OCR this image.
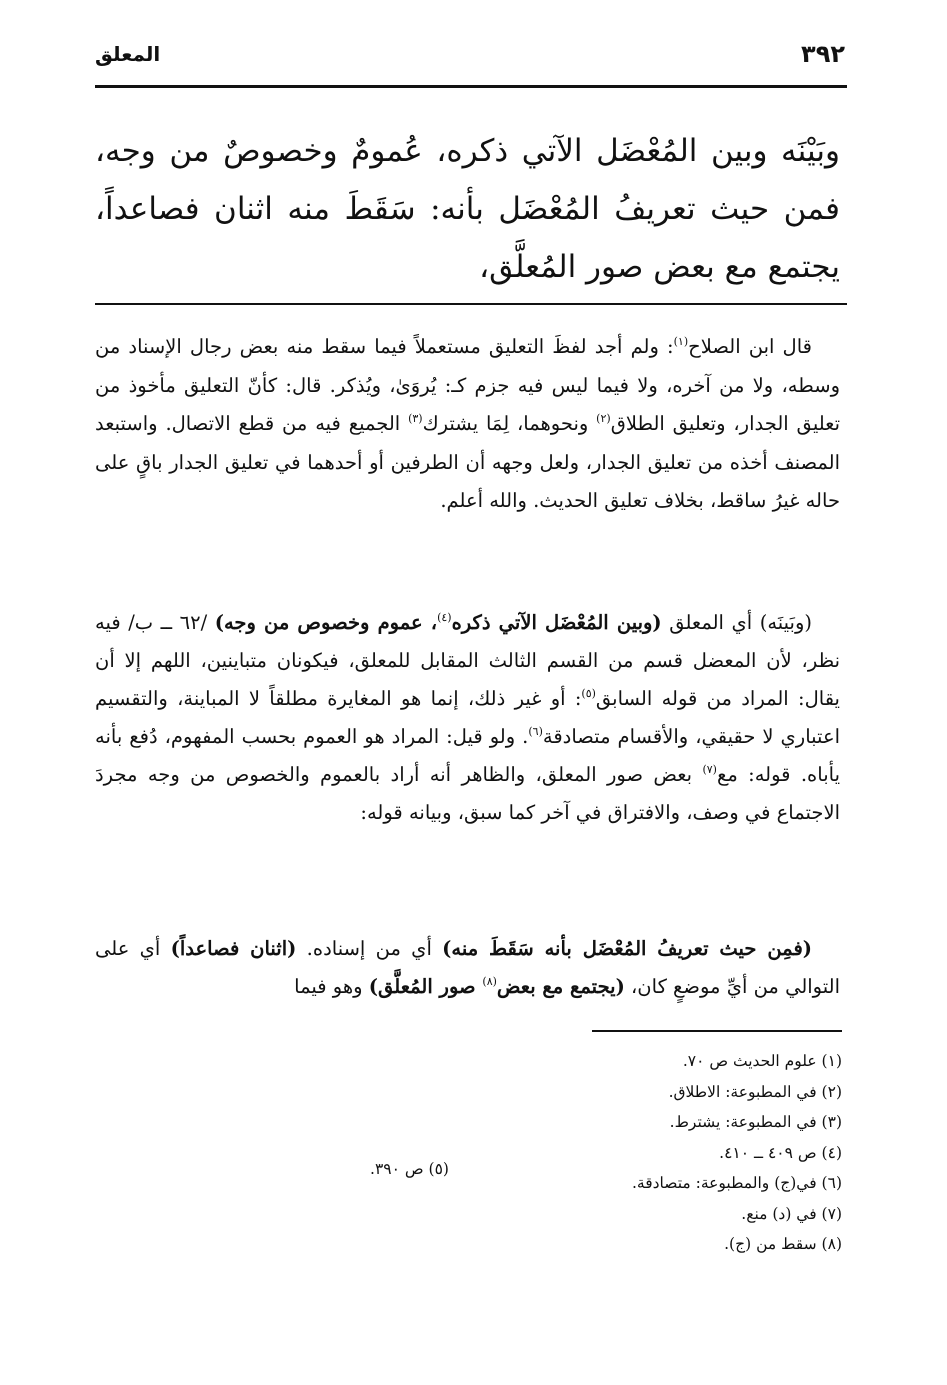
٣٩٢
المعلق
وبَيْنَه وبين المُعْضَل الآتي ذكره، عُمومٌ وخصوصٌ من وجه، فمن حيث تعريفُ المُعْضَل بأنه: سَقَطَ منه اثنان فصاعداً، يجتمع مع بعض صور المُعلَّق،

قال ابن الصلاح$^{(١)}$: ولم أجد لفظَ التعليق مستعملاً فيما سقط منه بعض رجال الإسناد من وسطه، ولا من آخره، ولا فيما ليس فيه جزم كـ: يُروَىٰ، ويُذكر. قال: كأنّ التعليق مأخوذ من تعليق الجدار، وتعليق الطلاق$^{(٢)}$ ونحوهما، لِمَا يشترك$^{(٣)}$ الجميع فيه من قطع الاتصال. واستبعد المصنف أخذه من تعليق الجدار، ولعل وجهه أن الطرفين أو أحدهما في تعليق الجدار باقٍ على حاله غيرُ ساقط، بخلاف تعليق الحديث. والله أعلم.

(وبَينَه) أي المعلق (وبين المُعْضَل الآتي ذكره$^{(٤)}$، عموم وخصوص من وجه) /٦٢ ــ ب/ فيه نظر، لأن المعضل قسم من القسم الثالث المقابل للمعلق، فيكونان متباينين، اللهم إلا أن يقال: المراد من قوله السابق$^{(٥)}$: أو غير ذلك، إنما هو المغايرة مطلقاً لا المباينة، والتقسيم اعتباري لا حقيقي، والأقسام متصادقة$^{(٦)}$. ولو قيل: المراد هو العموم بحسب المفهوم، دُفع بأنه يأباه. قوله: مع$^{(٧)}$ بعض صور المعلق، والظاهر أنه أراد بالعموم والخصوص من وجه مجردَ الاجتماع في وصف، والافتراق في آخر كما سبق، وبيانه قوله:

(فمِن حيث تعريفُ المُعْضَل بأنه سَقَطَ منه) أي من إسناده. (اثنان فصاعداً) أي على التوالي من أيِّ موضعٍ كان، (يجتمع مع بعض$^{(٨)}$ صور المُعلَّق) وهو فيما

(١) علوم الحديث ص ٧٠.
(٢) في المطبوعة: الاطلاق.
(٣) في المطبوعة: يشترط.
(٤) ص ٤٠٩ ــ ٤١٠.
(٦) في(ج) والمطبوعة: متصادقة.
(٧) في (د) منع.
(٨) سقط من (ج).
(٥) ص ٣٩٠.
